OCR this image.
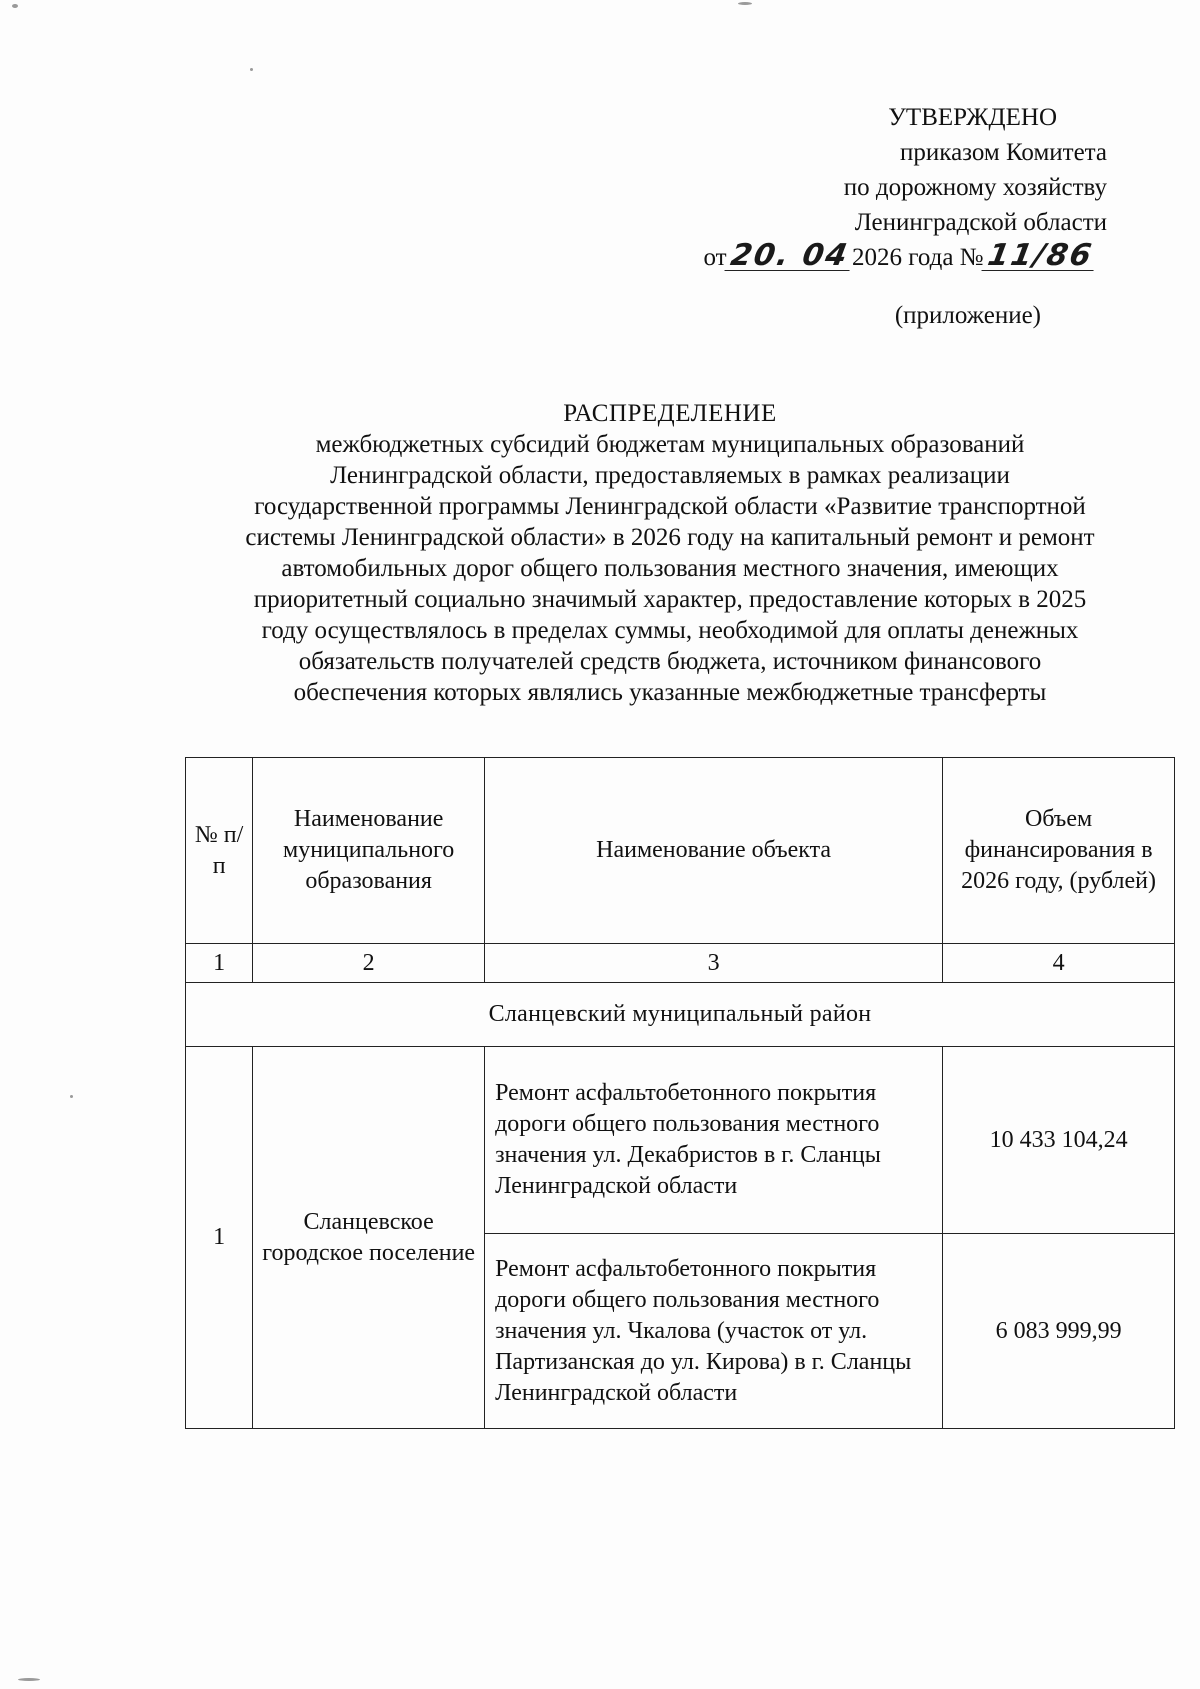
УТВЕРЖДЕНО
приказом Комитета
по дорожному хозяйству
Ленинградской области
от20. 042026 года №11/86
(приложение)
РАСПРЕДЕЛЕНИЕ
межбюджетных субсидий бюджетам муниципальных образований
Ленинградской области, предоставляемых в рамках реализации
государственной программы Ленинградской области «Развитие транспортной
системы Ленинградской области» в 2026 году на капитальный ремонт и ремонт
автомобильных дорог общего пользования местного значения, имеющих
приоритетный социально значимый характер, предоставление которых в 2025
году осуществлялось в пределах суммы, необходимой для оплаты денежных
обязательств получателей средств бюджета, источником финансового
обеспечения которых являлись указанные межбюджетные трансферты
№ п/п	Наименование муниципального образования	Наименование объекта	Объем финансирования в 2026 году, (рублей)
1	2	3	4
Сланцевский муниципальный район			
1	Сланцевское городское поселение	Ремонт асфальтобетонного покрытия дороги общего пользования местного значения ул. Декабристов в г. Сланцы Ленинградской области	10 433 104,24
		Ремонт асфальтобетонного покрытия дороги общего пользования местного значения ул. Чкалова (участок от ул. Партизанская до ул. Кирова) в г. Сланцы Ленинградской области	6 083 999,99
